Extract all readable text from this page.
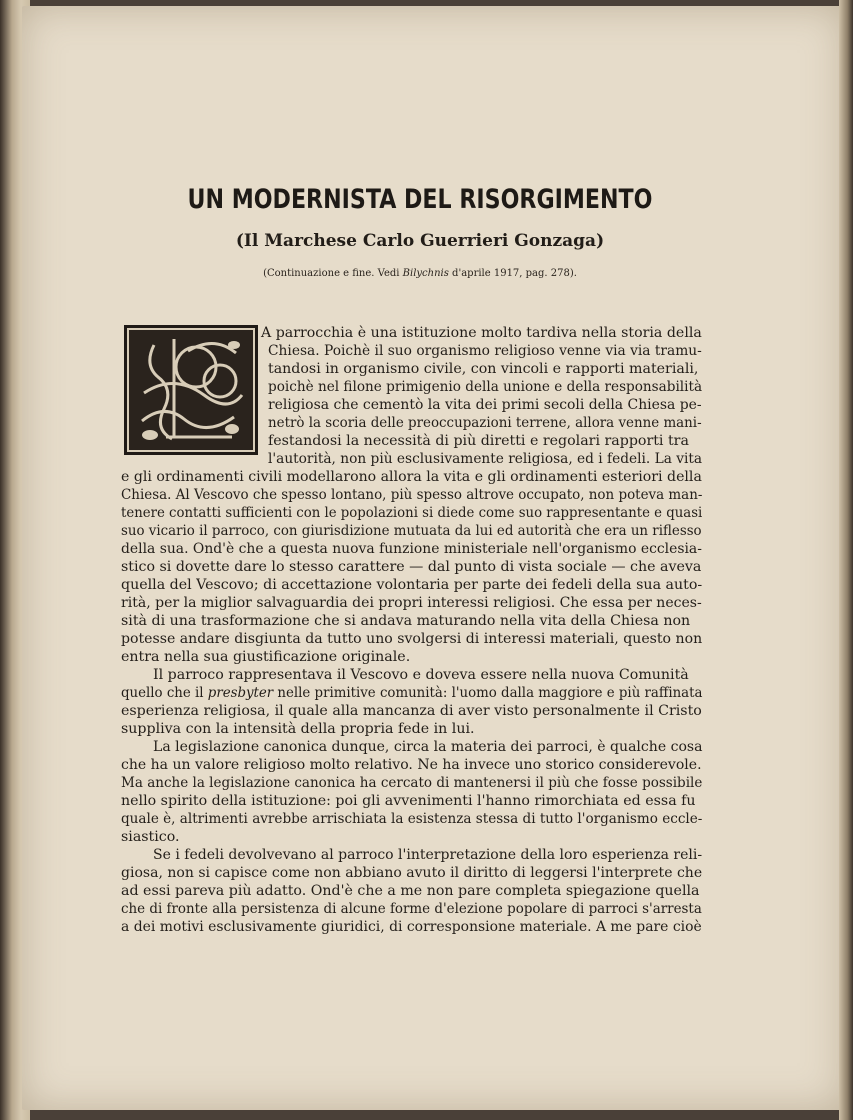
UN MODERNISTA DEL RISORGIMENTO
(Il Marchese Carlo Guerrieri Gonzaga)
(Continuazione e fine. Vedi Bilychnis d'aprile 1917, pag. 278).
A parrocchia è una istituzione molto tardiva nella storia della
Chiesa. Poichè il suo organismo religioso venne via via tramu-
tandosi in organismo civile, con vincoli e rapporti materiali,
poichè nel filone primigenio della unione e della responsabilità
religiosa che cementò la vita dei primi secoli della Chiesa pe-
netrò la scoria delle preoccupazioni terrene, allora venne mani-
festandosi la necessità di più diretti e regolari rapporti tra
l'autorità, non più esclusivamente religiosa, ed i fedeli. La vita
e gli ordinamenti civili modellarono allora la vita e gli ordinamenti esteriori della
Chiesa. Al Vescovo che spesso lontano, più spesso altrove occupato, non poteva man-
tenere contatti sufficienti con le popolazioni si diede come suo rappresentante e quasi
suo vicario il parroco, con giurisdizione mutuata da lui ed autorità che era un riflesso
della sua. Ond'è che a questa nuova funzione ministeriale nell'organismo ecclesia-
stico si dovette dare lo stesso carattere — dal punto di vista sociale — che aveva
quella del Vescovo; di accettazione volontaria per parte dei fedeli della sua auto-
rità, per la miglior salvaguardia dei propri interessi religiosi. Che essa per neces-
sità di una trasformazione che si andava maturando nella vita della Chiesa non
potesse andare disgiunta da tutto uno svolgersi di interessi materiali, questo non
entra nella sua giustificazione originale.
Il parroco rappresentava il Vescovo e doveva essere nella nuova Comunità
quello che il presbyter nelle primitive comunità: l'uomo dalla maggiore e più raffinata
esperienza religiosa, il quale alla mancanza di aver visto personalmente il Cristo
suppliva con la intensità della propria fede in lui.
La legislazione canonica dunque, circa la materia dei parroci, è qualche cosa
che ha un valore religioso molto relativo. Ne ha invece uno storico considerevole.
Ma anche la legislazione canonica ha cercato di mantenersi il più che fosse possibile
nello spirito della istituzione: poi gli avvenimenti l'hanno rimorchiata ed essa fu
quale è, altrimenti avrebbe arrischiata la esistenza stessa di tutto l'organismo eccle-
siastico.
Se i fedeli devolvevano al parroco l'interpretazione della loro esperienza reli-
giosa, non si capisce come non abbiano avuto il diritto di leggersi l'interprete che
ad essi pareva più adatto. Ond'è che a me non pare completa spiegazione quella
che di fronte alla persistenza di alcune forme d'elezione popolare di parroci s'arresta
a dei motivi esclusivamente giuridici, di corresponsione materiale. A me pare cioè
